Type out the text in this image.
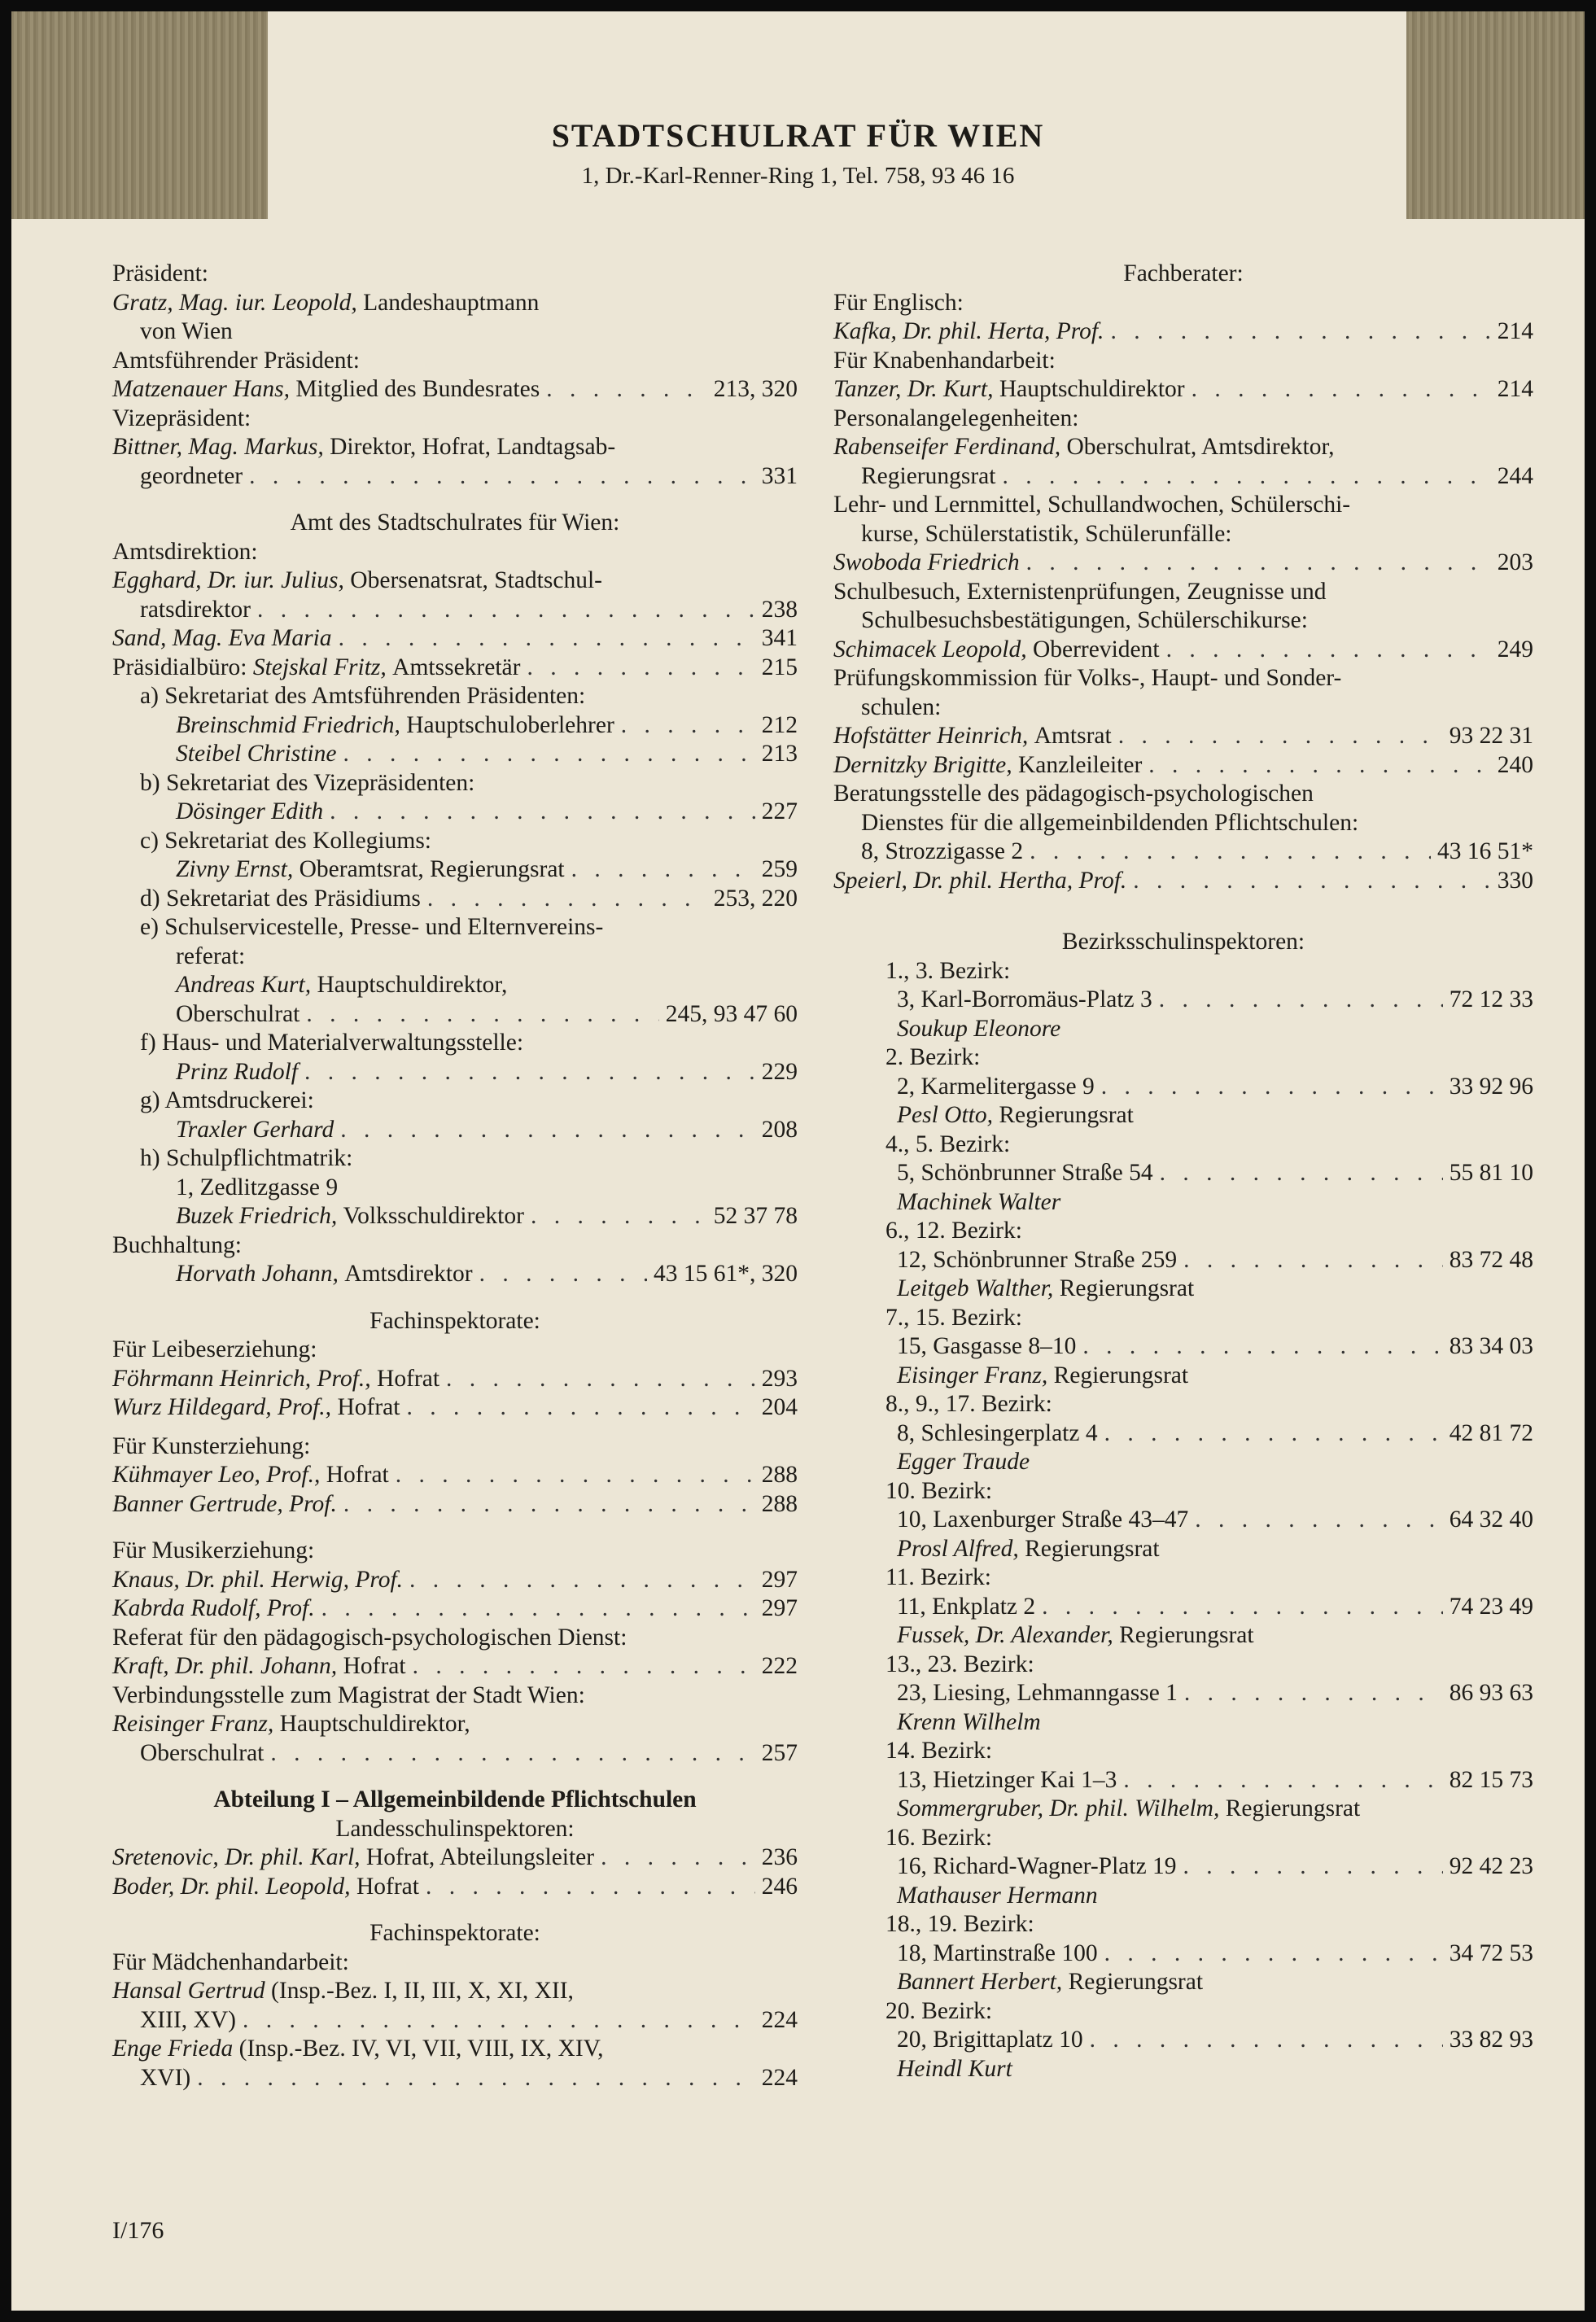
STADTSCHULRAT FÜR WIEN
1, Dr.-Karl-Renner-Ring 1, Tel. 758, 93 46 16
Präsident:
Gratz, Mag. iur. Leopold, Landeshauptmann
von Wien
Amtsführender Präsident:
Matzenauer Hans, Mitglied des Bundesrates . . .	213, 320
Vizepräsident:
Bittner, Mag. Markus, Direktor, Hofrat, Landtagsab-
geordneter . . .	331
Amt des Stadtschulrates für Wien:
Amtsdirektion:
Egghard, Dr. iur. Julius, Obersenatsrat, Stadtschul-
ratsdirektor . . .	238
Sand, Mag. Eva Maria . . .	341
Präsidialbüro: Stejskal Fritz, Amtssekretär . . .	215
a) Sekretariat des Amtsführenden Präsidenten:
Breinschmid Friedrich, Hauptschuloberlehrer . . .	212
Steibel Christine . . .	213
b) Sekretariat des Vizepräsidenten:
Dösinger Edith . . .	227
c) Sekretariat des Kollegiums:
Zivny Ernst, Oberamtsrat, Regierungsrat . . .	259
d) Sekretariat des Präsidiums . . .	253, 220
e) Schulservicestelle, Presse- und Elternvereins-
referat:
Andreas Kurt, Hauptschuldirektor,
Oberschulrat . . .	245, 93 47 60
f) Haus- und Materialverwaltungsstelle:
Prinz Rudolf . . .	229
g) Amtsdruckerei:
Traxler Gerhard . . .	208
h) Schulpflichtmatrik:
1, Zedlitzgasse 9
Buzek Friedrich, Volksschuldirektor . . .	52 37 78
Buchhaltung:
Horvath Johann, Amtsdirektor . . .	43 15 61*, 320
Fachinspektorate:
Für Leibeserziehung:
Föhrmann Heinrich, Prof., Hofrat . . .	293
Wurz Hildegard, Prof., Hofrat . . .	204
Für Kunsterziehung:
Kühmayer Leo, Prof., Hofrat . . .	288
Banner Gertrude, Prof. . . .	288
Für Musikerziehung:
Knaus, Dr. phil. Herwig, Prof. . . .	297
Kabrda Rudolf, Prof. . . .	297
Referat für den pädagogisch-psychologischen Dienst:
Kraft, Dr. phil. Johann, Hofrat . . .	222
Verbindungsstelle zum Magistrat der Stadt Wien:
Reisinger Franz, Hauptschuldirektor,
Oberschulrat . . .	257
Abteilung I – Allgemeinbildende Pflichtschulen
Landesschulinspektoren:
Sretenovic, Dr. phil. Karl, Hofrat, Abteilungsleiter . . .	236
Boder, Dr. phil. Leopold, Hofrat . . .	246
Fachinspektorate:
Für Mädchenhandarbeit:
Hansal Gertrud (Insp.-Bez. I, II, III, X, XI, XII,
XIII, XV) . . .	224
Enge Frieda (Insp.-Bez. IV, VI, VII, VIII, IX, XIV,
XVI) . . .	224
Fachberater:
Für Englisch:
Kafka, Dr. phil. Herta, Prof. . . .	214
Für Knabenhandarbeit:
Tanzer, Dr. Kurt, Hauptschuldirektor . . .	214
Personalangelegenheiten:
Rabenseifer Ferdinand, Oberschulrat, Amtsdirektor,
Regierungsrat . . .	244
Lehr- und Lernmittel, Schullandwochen, Schülerschi-
kurse, Schülerstatistik, Schülerunfälle:
Swoboda Friedrich . . .	203
Schulbesuch, Externistenprüfungen, Zeugnisse und
Schulbesuchsbestätigungen, Schülerschikurse:
Schimacek Leopold, Oberrevident . . .	249
Prüfungskommission für Volks-, Haupt- und Sonder-
schulen:
Hofstätter Heinrich, Amtsrat . . .	93 22 31
Dernitzky Brigitte, Kanzleileiter . . .	240
Beratungsstelle des pädagogisch-psychologischen
Dienstes für die allgemeinbildenden Pflichtschulen:
8, Strozzigasse 2 . . .	43 16 51*
Speierl, Dr. phil. Hertha, Prof. . . .	330
Bezirksschulinspektoren:
1., 3. Bezirk:
3, Karl-Borromäus-Platz 3 . . .	72 12 33
Soukup Eleonore
2. Bezirk:
2, Karmelitergasse 9 . . .	33 92 96
Pesl Otto, Regierungsrat
4., 5. Bezirk:
5, Schönbrunner Straße 54 . . .	55 81 10
Machinek Walter
6., 12. Bezirk:
12, Schönbrunner Straße 259 . . .	83 72 48
Leitgeb Walther, Regierungsrat
7., 15. Bezirk:
15, Gasgasse 8–10 . . .	83 34 03
Eisinger Franz, Regierungsrat
8., 9., 17. Bezirk:
8, Schlesingerplatz 4 . . .	42 81 72
Egger Traude
10. Bezirk:
10, Laxenburger Straße 43–47 . . .	64 32 40
Prosl Alfred, Regierungsrat
11. Bezirk:
11, Enkplatz 2 . . .	74 23 49
Fussek, Dr. Alexander, Regierungsrat
13., 23. Bezirk:
23, Liesing, Lehmanngasse 1 . . .	86 93 63
Krenn Wilhelm
14. Bezirk:
13, Hietzinger Kai 1–3 . . .	82 15 73
Sommergruber, Dr. phil. Wilhelm, Regierungsrat
16. Bezirk:
16, Richard-Wagner-Platz 19 . . .	92 42 23
Mathauser Hermann
18., 19. Bezirk:
18, Martinstraße 100 . . .	34 72 53
Bannert Herbert, Regierungsrat
20. Bezirk:
20, Brigittaplatz 10 . . .	33 82 93
Heindl Kurt
I/176
